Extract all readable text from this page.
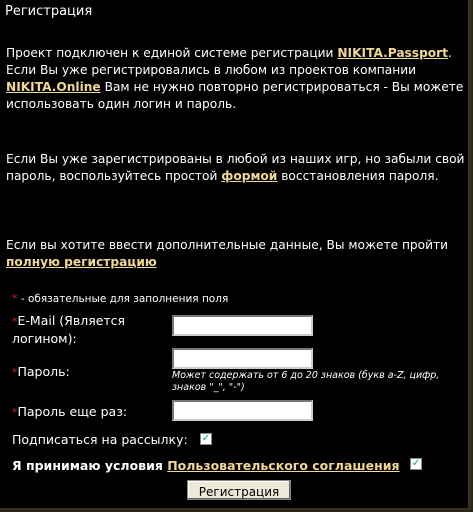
Регистрация
Проект подключен к единой системе регистрации NIKITA.Passport. Если Вы уже регистрировались в любом из проектов компании NIKITA.Online Вам не нужно повторно регистрироваться - Вы можете использовать один логин и пароль.
Если Вы уже зарегистрированы в любой из наших игр, но забыли свой пароль, воспользуйтесь простой формой восстановления пароля.
Если вы хотите ввести дополнительные данные, Вы можете пройти полную регистрацию
* - обязательные для заполнения поля
*E-Mail (Является логином):
*Пароль:	Может содержать от 6 до 20 знаков (букв a-Z, цифр, знаков "_", "-")
*Пароль еще раз:
Подписаться на рассылку: ✓
Я принимаю условия Пользовательского соглашения ✓
Регистрация
